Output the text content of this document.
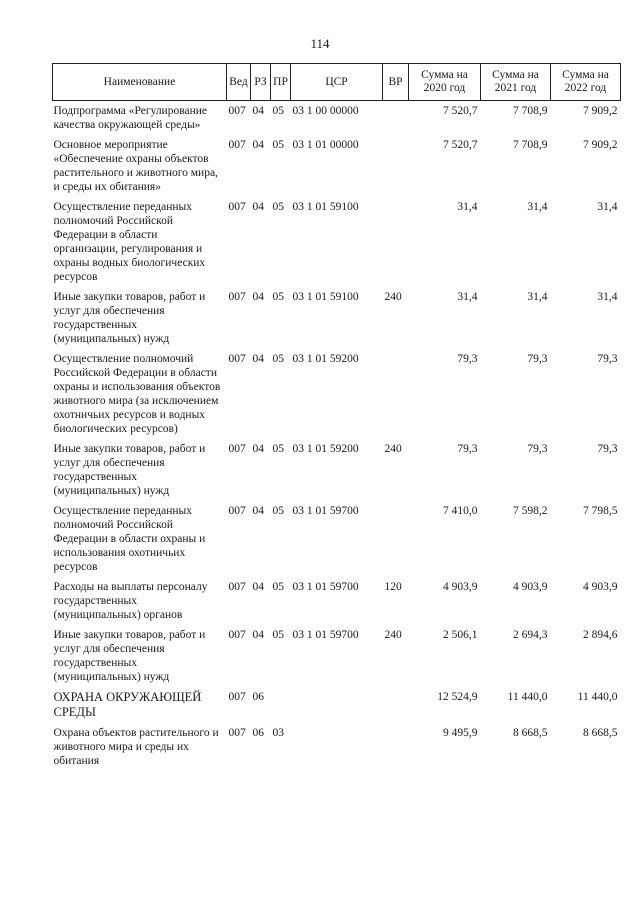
114
Наименование	Вед	РЗ	ПР	ЦСР	ВР	Сумма на 2020 год	Сумма на 2021 год	Сумма на 2022 год
Подпрограмма «Регулирование качества окружающей среды»	007	04	05	03 1 00 00000		7 520,7	7 708,9	7 909,2
Основное мероприятие «Обеспечение охраны объектов растительного и животного мира, и среды их обитания»	007	04	05	03 1 01 00000		7 520,7	7 708,9	7 909,2
Осуществление переданных полномочий Российской Федерации в области организации, регулирования и охраны водных биологических ресурсов	007	04	05	03 1 01 59100		31,4	31,4	31,4
Иные закупки товаров, работ и услуг для обеспечения государственных (муниципальных) нужд	007	04	05	03 1 01 59100	240	31,4	31,4	31,4
Осуществление полномочий Российской Федерации в области охраны и использования объектов животного мира (за исключением охотничьих ресурсов и водных биологических ресурсов)	007	04	05	03 1 01 59200		79,3	79,3	79,3
Иные закупки товаров, работ и услуг для обеспечения государственных (муниципальных) нужд	007	04	05	03 1 01 59200	240	79,3	79,3	79,3
Осуществление переданных полномочий Российской Федерации в области охраны и использования охотничьих ресурсов	007	04	05	03 1 01 59700		7 410,0	7 598,2	7 798,5
Расходы на выплаты персоналу государственных (муниципальных) органов	007	04	05	03 1 01 59700	120	4 903,9	4 903,9	4 903,9
Иные закупки товаров, работ и услуг для обеспечения государственных (муниципальных) нужд	007	04	05	03 1 01 59700	240	2 506,1	2 694,3	2 894,6
ОХРАНА ОКРУЖАЮЩЕЙ СРЕДЫ	007	06				12 524,9	11 440,0	11 440,0
Охрана объектов растительного и животного мира и среды их обитания	007	06	03			9 495,9	8 668,5	8 668,5
